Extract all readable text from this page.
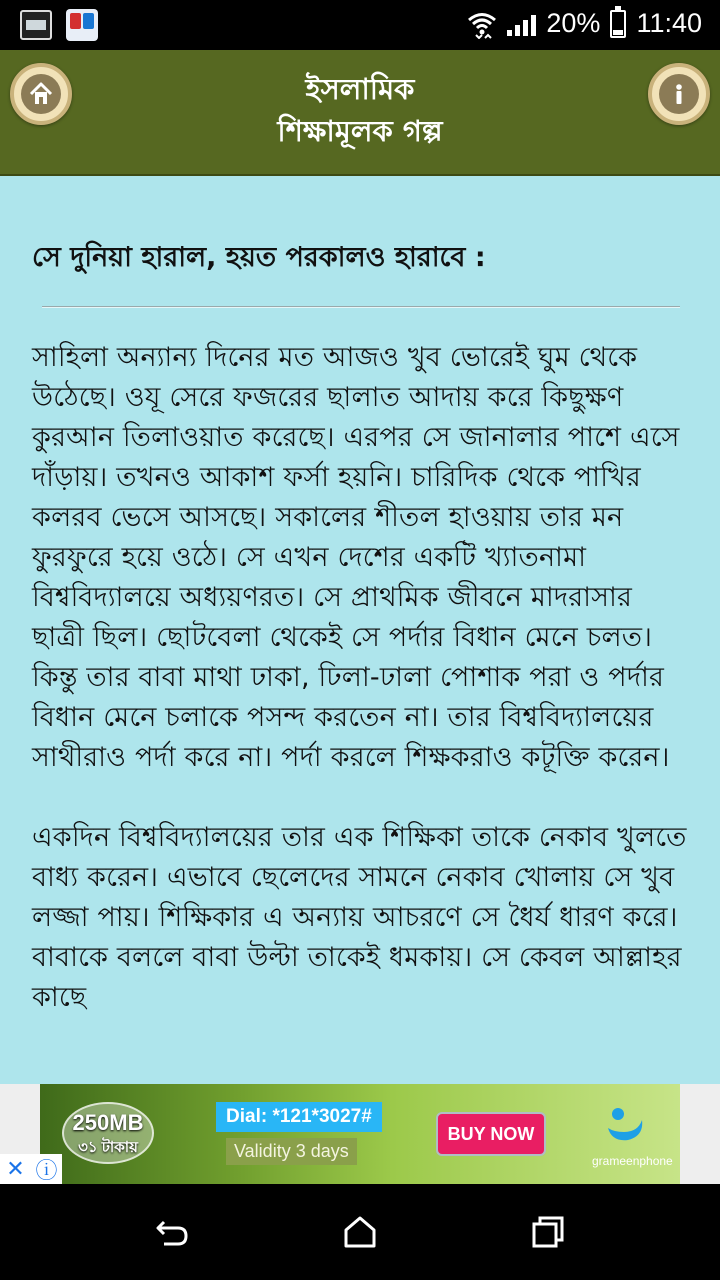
20% 11:40
ইসলামিক
শিক্ষামূলক গল্প
সে দুনিয়া হারাল, হয়ত পরকালও হারাবে :

সাহিলা অন্যান্য দিনের মত আজও খুব ভোরেই ঘুম থেকে উঠেছে। ওযূ সেরে ফজরের ছালাত আদায় করে কিছুক্ষণ কুরআন তিলাওয়াত করেছে। এরপর সে জানালার পাশে এসে দাঁড়ায়। তখনও আকাশ ফর্সা হয়নি। চারিদিক থেকে পাখির কলরব ভেসে আসছে। সকালের শীতল হাওয়ায় তার মন ফুরফুরে হয়ে ওঠে। সে এখন দেশের একটি খ্যাতনামা বিশ্ববিদ্যালয়ে অধ্যয়ণরত। সে প্রাথমিক জীবনে মাদরাসার ছাত্রী ছিল। ছোটবেলা থেকেই সে পর্দার বিধান মেনে চলত। কিন্তু তার বাবা মাথা ঢাকা, ঢিলা-ঢালা পোশাক পরা ও পর্দার বিধান মেনে চলাকে পসন্দ করতেন না। তার বিশ্ববিদ্যালয়ের সাথীরাও পর্দা করে না। পর্দা করলে শিক্ষকরাও কটূক্তি করেন।

একদিন বিশ্ববিদ্যালয়ের তার এক শিক্ষিকা তাকে নেকাব খুলতে বাধ্য করেন। এভাবে ছেলেদের সামনে নেকাব খোলায় সে খুব লজ্জা পায়। শিক্ষিকার এ অন্যায় আচরণে সে ধৈর্য ধারণ করে। বাবাকে বললে বাবা উল্টা তাকেই ধমকায়। সে কেবল আল্লাহর কাছে

250MB
৩১ টাকায়
Dial: *121*3027#
Validity 3 days
BUY NOW
grameenphone
✕ ⓘ
